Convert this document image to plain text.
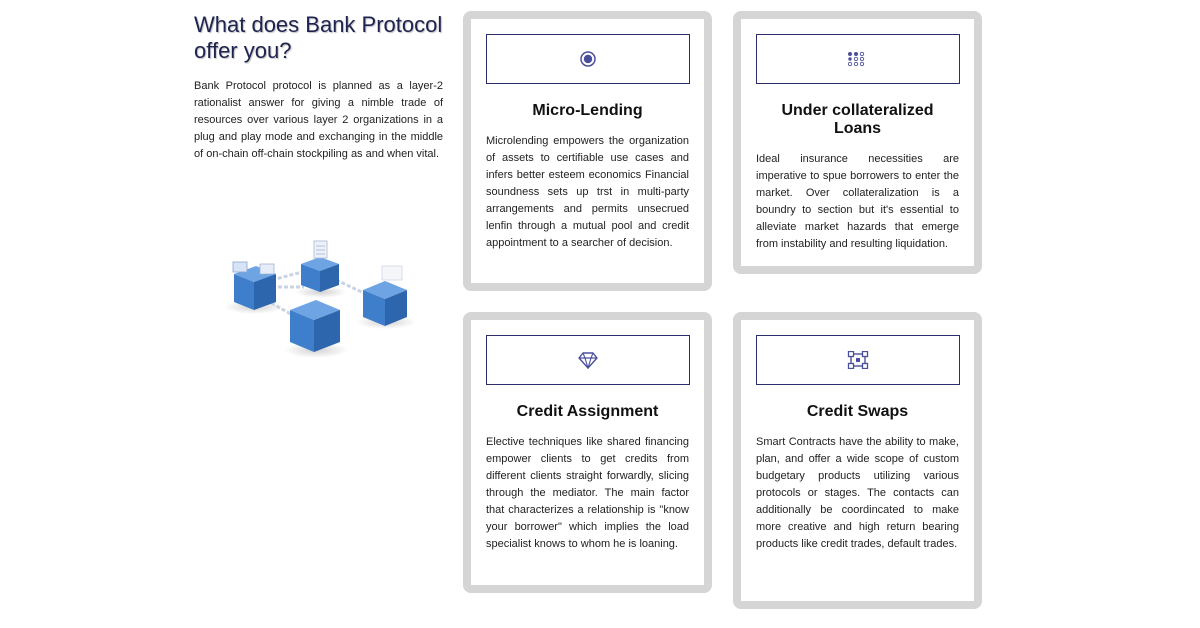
What does Bank Protocol offer you?

Bank Protocol protocol is planned as a layer-2 rationalist answer for giving a nimble trade of resources over various layer 2 organizations in a plug and play mode and exchanging in the middle of on-chain off-chain stockpiling as and when vital.

Micro-Lending

Microlending empowers the organization of assets to certifiable use cases and infers better esteem economics Financial soundness sets up trst in multi-party arrangements and permits unsecrued lenfin through a mutual pool and credit appointment to a searcher of decision.

Under collateralized Loans

Ideal insurance necessities are imperative to spue borrowers to enter the market. Over collateralization is a boundry to section but it's essential to alleviate market hazards that emerge from instability and resulting liquidation.

Credit Assignment

Elective techniques like shared financing empower clients to get credits from different clients straight forwardly, slicing through the mediator. The main factor that characterizes a relationship is "know your borrower" which implies the load specialist knows to whom he is loaning.

Credit Swaps

Smart Contracts have the ability to make, plan, and offer a wide scope of custom budgetary products utilizing various protocols or stages. The contacts can additionally be coordincated to make more creative and high return bearing products like credit trades, default trades.
